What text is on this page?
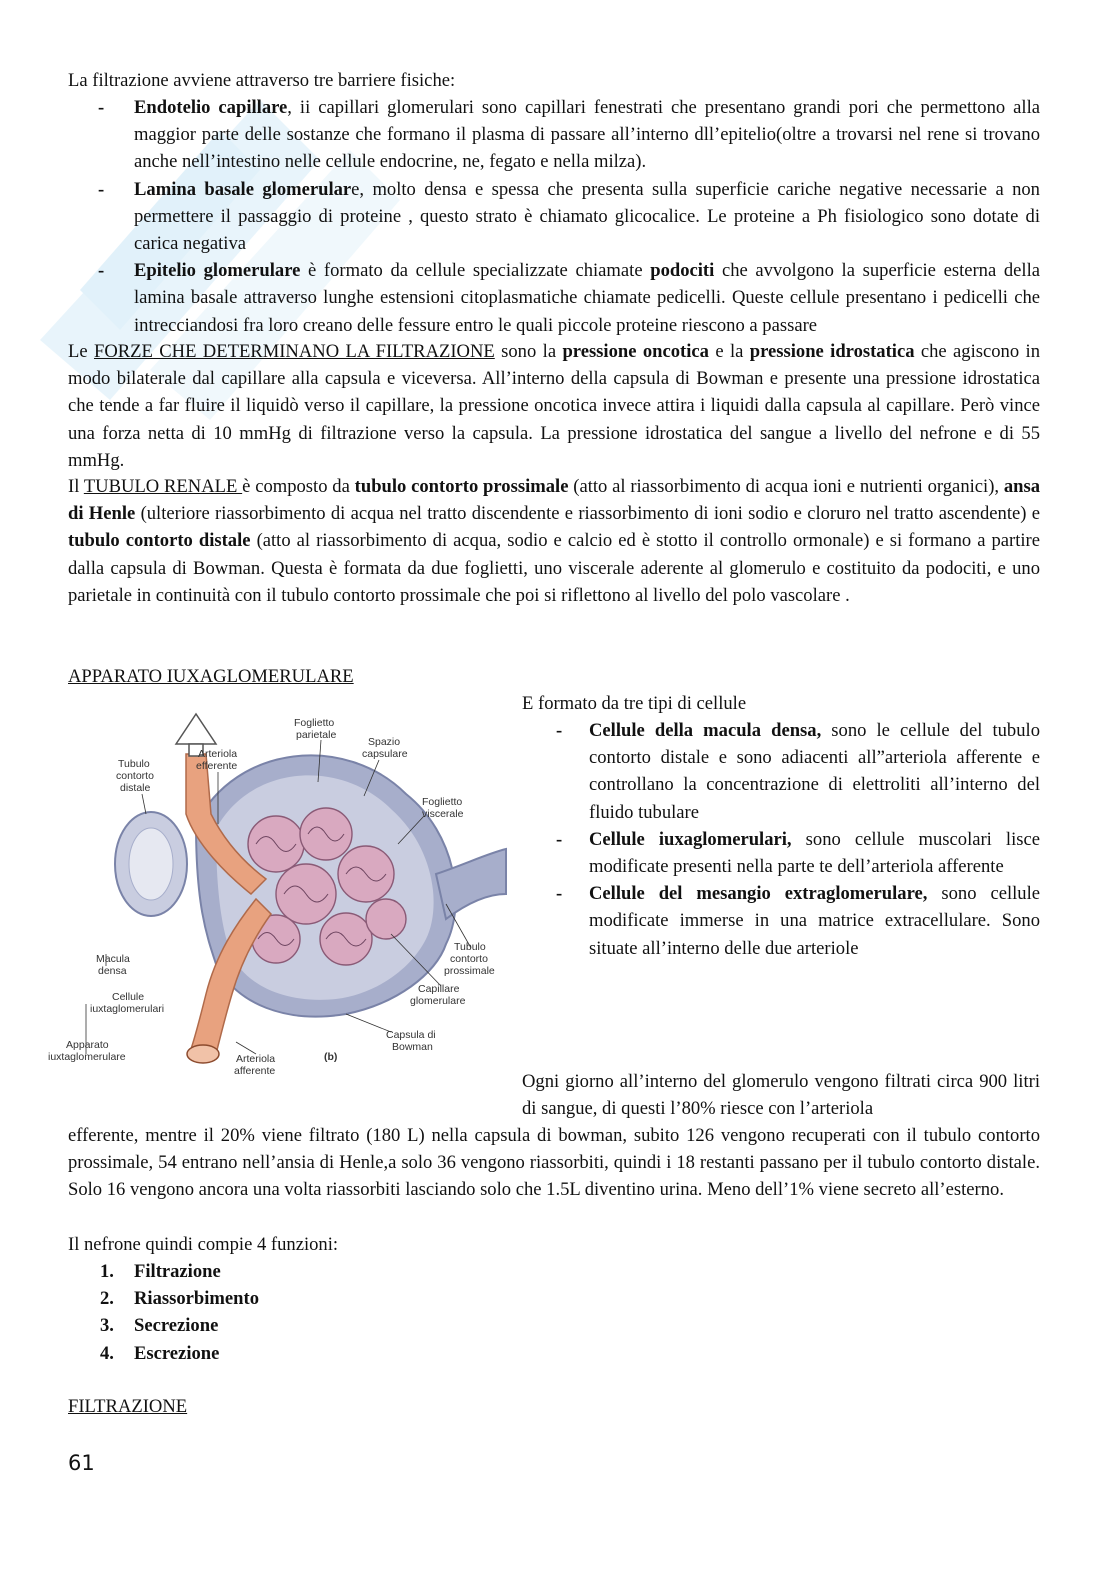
La filtrazione avviene attraverso tre barriere fisiche:
- Endotelio capillare, ii capillari glomerulari sono capillari fenestrati che presentano grandi pori che permettono alla maggior parte delle sostanze che formano il plasma di passare all’interno dll’epitelio(oltre a trovarsi nel rene si trovano anche nell’intestino nelle cellule endocrine, ne, fegato e nella milza).
- Lamina basale glomerulare, molto densa e spessa che presenta sulla superficie cariche negative necessarie a non permettere il passaggio di proteine , questo strato è chiamato glicocalice. Le proteine a Ph fisiologico sono dotate di carica negativa
- Epitelio glomerulare è formato da cellule specializzate chiamate podociti che avvolgono la superficie esterna della lamina basale attraverso lunghe estensioni citoplasmatiche chiamate pedicelli. Queste cellule presentano i pedicelli che intrecciandosi fra loro creano delle fessure entro le quali piccole proteine riescono a passare
Le FORZE CHE DETERMINANO LA FILTRAZIONE sono la pressione oncotica e la pressione idrostatica che agiscono in modo bilaterale dal capillare alla capsula e viceversa. All’interno della capsula di Bowman e presente una pressione idrostatica che tende a far fluire il liquidò verso il capillare, la pressione oncotica invece attira i liquidi dalla capsula al capillare. Però vince una forza netta di 10 mmHg di filtrazione verso la capsula. La pressione idrostatica del sangue a livello del nefrone e di 55 mmHg.
Il TUBULO RENALE è composto da tubulo contorto prossimale (atto al riassorbimento di acqua ioni e nutrienti organici), ansa di Henle (ulteriore riassorbimento di acqua nel tratto discendente e riassorbimento di ioni sodio e cloruro nel tratto ascendente) e tubulo contorto distale (atto al riassorbimento di acqua, sodio e calcio ed è stotto il controllo ormonale) e si formano a partire dalla capsula di Bowman. Questa è formata da due foglietti, uno viscerale aderente al glomerulo e costituito da podociti, e uno parietale in continuità con il tubulo contorto prossimale che poi si riflettono al livello del polo vascolare .
APPARATO IUXAGLOMERULARE
Foglietto
parietale
Spazio
capsulare
Arteriola
efferente
Tubulo
contorto
distale
Foglietto
viscerale
Macula
densa
Cellule
iuxtaglomerulari
Apparato
iuxtaglomerulare
Tubulo
contorto
prossimale
Capillare
glomerulare
Capsula di
Bowman
Arteriola
afferente
(b)
E formato da tre tipi di cellule
- Cellule della macula densa, sono le cellule del tubulo contorto distale e sono adiacenti all”arteriola afferente e controllano la concentrazione di elettroliti all’interno del fluido tubulare
- Cellule iuxaglomerulari, sono cellule muscolari lisce modificate presenti nella parte te dell’arteriola afferente
- Cellule del mesangio extraglomerulare, sono cellule modificate immerse in una matrice extracellulare. Sono situate all’interno delle due arteriole
Ogni giorno all’interno del glomerulo vengono filtrati circa 900 litri di sangue, di questi l’80% riesce con l’arteriola
efferente, mentre il 20% viene filtrato (180 L) nella capsula di bowman, subito 126 vengono recuperati con il tubulo contorto prossimale, 54 entrano nell’ansia di Henle,a solo 36 vengono riassorbiti, quindi i 18 restanti passano per il tubulo contorto distale. Solo 16 vengono ancora una volta riassorbiti lasciando solo che 1.5L diventino urina. Meno dell’1% viene secreto all’esterno.
Il nefrone quindi compie 4 funzioni:
1. Filtrazione
2. Riassorbimento
3. Secrezione
4. Escrezione
FILTRAZIONE
61
